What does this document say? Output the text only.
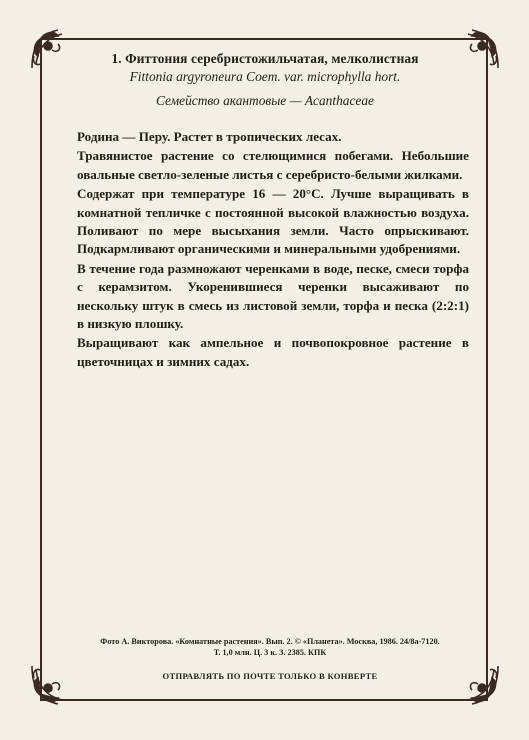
1. Фиттония серебристожильчатая, мелколистная
Fittonia argyroneura Coem. var. microphylla hort.
Семейство акантовые — Acanthaceae

Родина — Перу. Растет в тропических лесах.

Травянистое растение со стелющимися побегами. Небольшие овальные светло-зеленые листья с серебристо-белыми жилками.

Содержат при температуре 16 — 20°С. Лучше выращивать в комнатной тепличке с постоянной высокой влажностью воздуха. Поливают по мере высыхания земли. Часто опрыскивают. Подкармливают органическими и минеральными удобрениями.

В течение года размножают черенками в воде, песке, смеси торфа с керамзитом. Укоренившиеся черенки высаживают по нескольку штук в смесь из листовой земли, торфа и песка (2:2:1) в низкую плошку.

Выращивают как ампельное и почвопокровное растение в цветочницах и зимних садах.

Фото А. Викторова. «Комнатные растения». Вып. 2. © «Планета». Москва, 1986. 24/8а-7120.
Т. 1,0 млн. Ц. 3 к. З. 2385. КПК
ОТПРАВЛЯТЬ ПО ПОЧТЕ ТОЛЬКО В КОНВЕРТЕ
